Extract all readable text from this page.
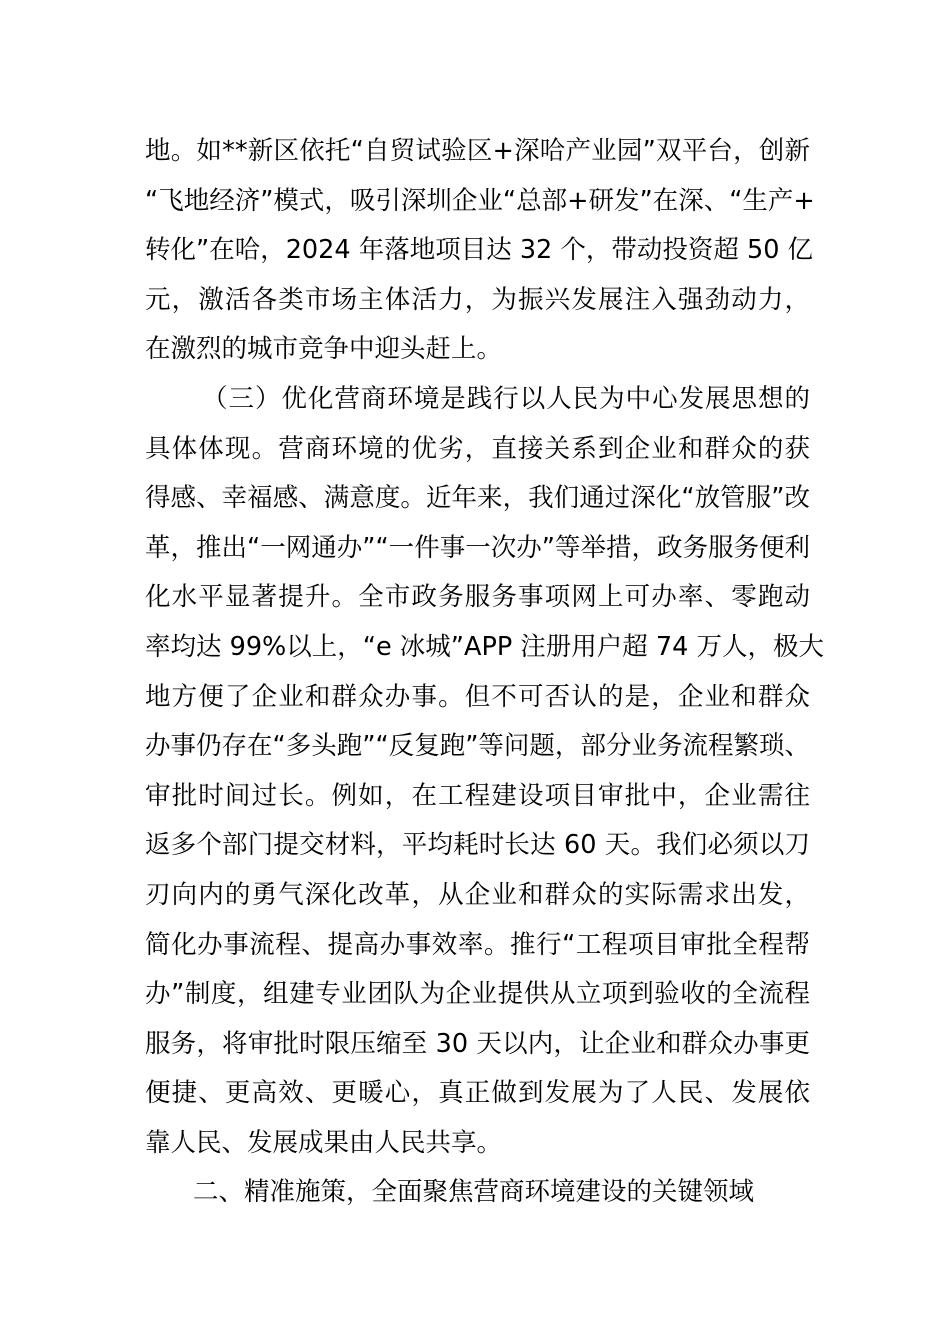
地。如**新区依托“自贸试验区+深哈产业园”双平台，创新
“飞地经济”模式，吸引深圳企业“总部+研发”在深、“生产+
转化”在哈，2024 年落地项目达 32 个，带动投资超 50 亿
元，激活各类市场主体活力，为振兴发展注入强劲动力，
在激烈的城市竞争中迎头赶上。
（三）优化营商环境是践行以人民为中心发展思想的
具体体现。营商环境的优劣，直接关系到企业和群众的获
得感、幸福感、满意度。近年来，我们通过深化“放管服”改
革，推出“一网通办”“一件事一次办”等举措，政务服务便利
化水平显著提升。全市政务服务事项网上可办率、零跑动
率均达 99%以上，“e 冰城”APP 注册用户超 74 万人，极大
地方便了企业和群众办事。但不可否认的是，企业和群众
办事仍存在“多头跑”“反复跑”等问题，部分业务流程繁琐、
审批时间过长。例如，在工程建设项目审批中，企业需往
返多个部门提交材料，平均耗时长达 60 天。我们必须以刀
刃向内的勇气深化改革，从企业和群众的实际需求出发，
简化办事流程、提高办事效率。推行“工程项目审批全程帮
办”制度，组建专业团队为企业提供从立项到验收的全流程
服务，将审批时限压缩至 30 天以内，让企业和群众办事更
便捷、更高效、更暖心，真正做到发展为了人民、发展依
靠人民、发展成果由人民共享。
二、精准施策，全面聚焦营商环境建设的关键领域
